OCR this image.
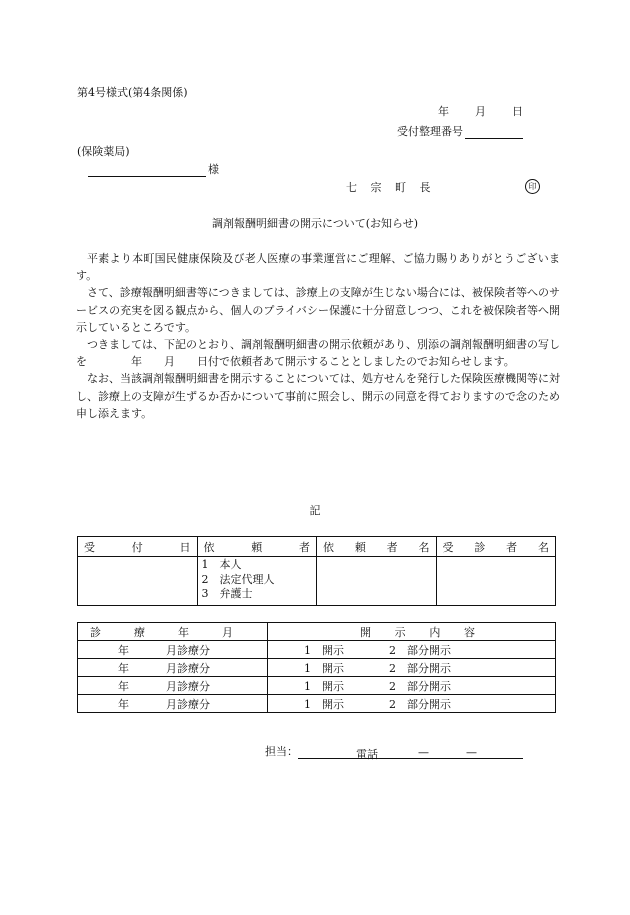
第4号様式(第4条関係)
年 月 日
受付整理番号
(保険薬局)
様
七 宗 町 長	印
調剤報酬明細書の開示について(お知らせ)

平素より本町国民健康保険及び老人医療の事業運営にご理解、ご協力賜りありがとうございます。

さて、診療報酬明細書等につきましては、診療上の支障が生じない場合には、被保険者等へのサービスの充実を図る観点から、個人のプライバシー保護に十分留意しつつ、これを被保険者等へ開示しているところです。

つきましては、下記のとおり、調剤報酬明細書の開示依頼があり、別添の調剤報酬明細書の写しを　　　　年　　月　　日付で依頼者あて開示することとしましたのでお知らせします。

なお、当該調剤報酬明細書を開示することについては、処方せんを発行した保険医療機関等に対し、診療上の支障が生ずるか否かについて事前に照会し、開示の同意を得ておりますので念のため申し添えます。

記
受 付 日	依 頼 者	依 頼 者 名	受 診 者 名

	1　本人
2　法定代理人
3　弁護士		

診 療 年 月	開 示 内 容

年 月診療分	1　開示 2　部分開示

年 月診療分	1　開示 2　部分開示

年 月診療分	1　開示 2　部分開示

年 月診療分	1　開示 2　部分開示
担当：	電話	—	—
